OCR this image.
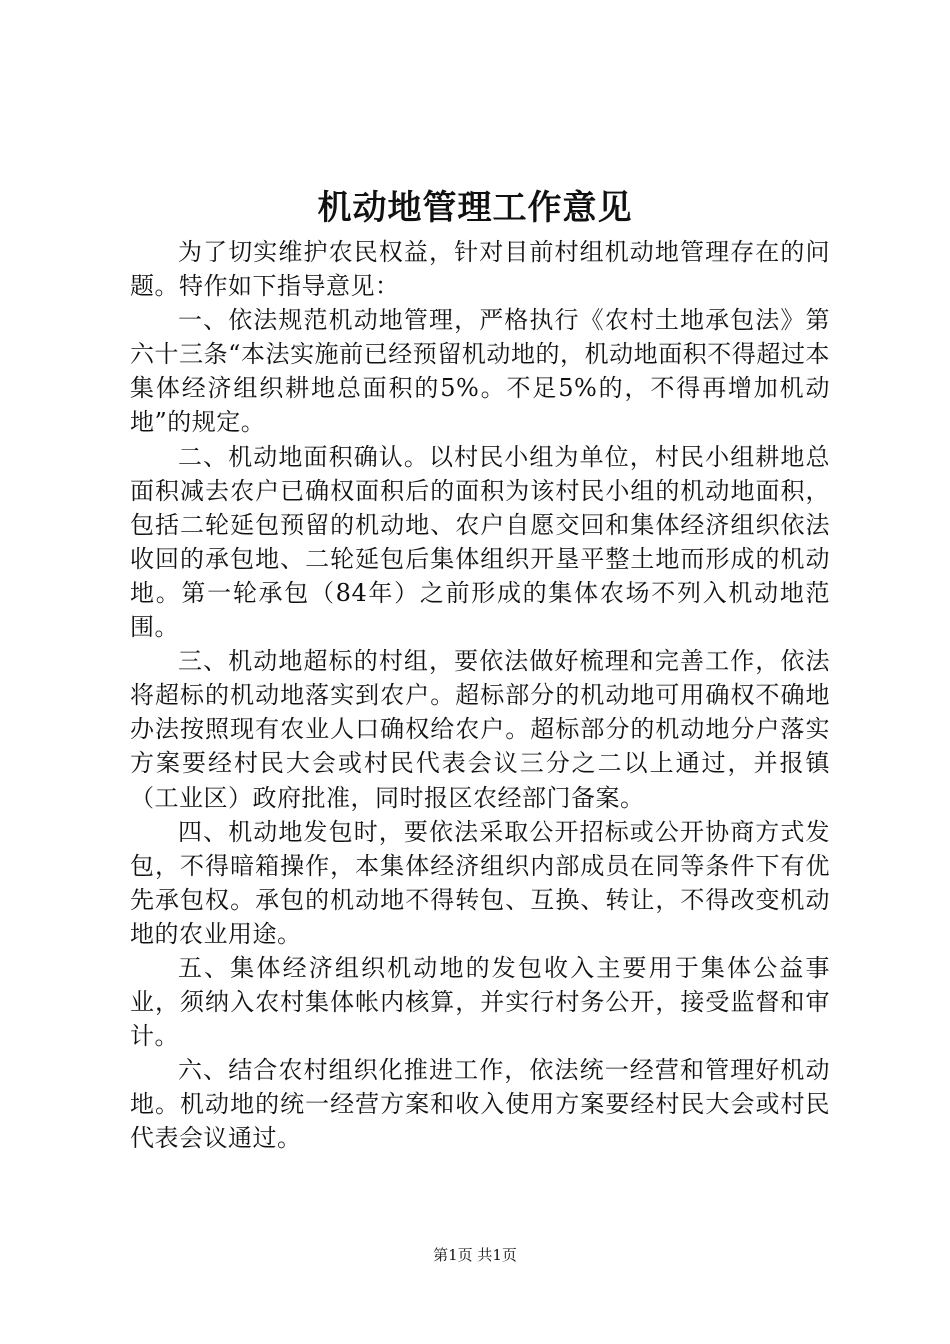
机动地管理工作意见

为了切实维护农民权益，针对目前村组机动地管理存在的问题。特作如下指导意见：

一、依法规范机动地管理，严格执行《农村土地承包法》第六十三条“本法实施前已经预留机动地的，机动地面积不得超过本集体经济组织耕地总面积的5%。不足5%的，不得再增加机动地”的规定。

二、机动地面积确认。以村民小组为单位，村民小组耕地总面积减去农户已确权面积后的面积为该村民小组的机动地面积，包括二轮延包预留的机动地、农户自愿交回和集体经济组织依法收回的承包地、二轮延包后集体组织开垦平整土地而形成的机动地。第一轮承包（84年）之前形成的集体农场不列入机动地范围。

三、机动地超标的村组，要依法做好梳理和完善工作，依法将超标的机动地落实到农户。超标部分的机动地可用确权不确地办法按照现有农业人口确权给农户。超标部分的机动地分户落实方案要经村民大会或村民代表会议三分之二以上通过，并报镇（工业区）政府批准，同时报区农经部门备案。

四、机动地发包时，要依法采取公开招标或公开协商方式发包，不得暗箱操作，本集体经济组织内部成员在同等条件下有优先承包权。承包的机动地不得转包、互换、转让，不得改变机动地的农业用途。

五、集体经济组织机动地的发包收入主要用于集体公益事业，须纳入农村集体帐内核算，并实行村务公开，接受监督和审计。

六、结合农村组织化推进工作，依法统一经营和管理好机动地。机动地的统一经营方案和收入使用方案要经村民大会或村民代表会议通过。

第1页 共1页
